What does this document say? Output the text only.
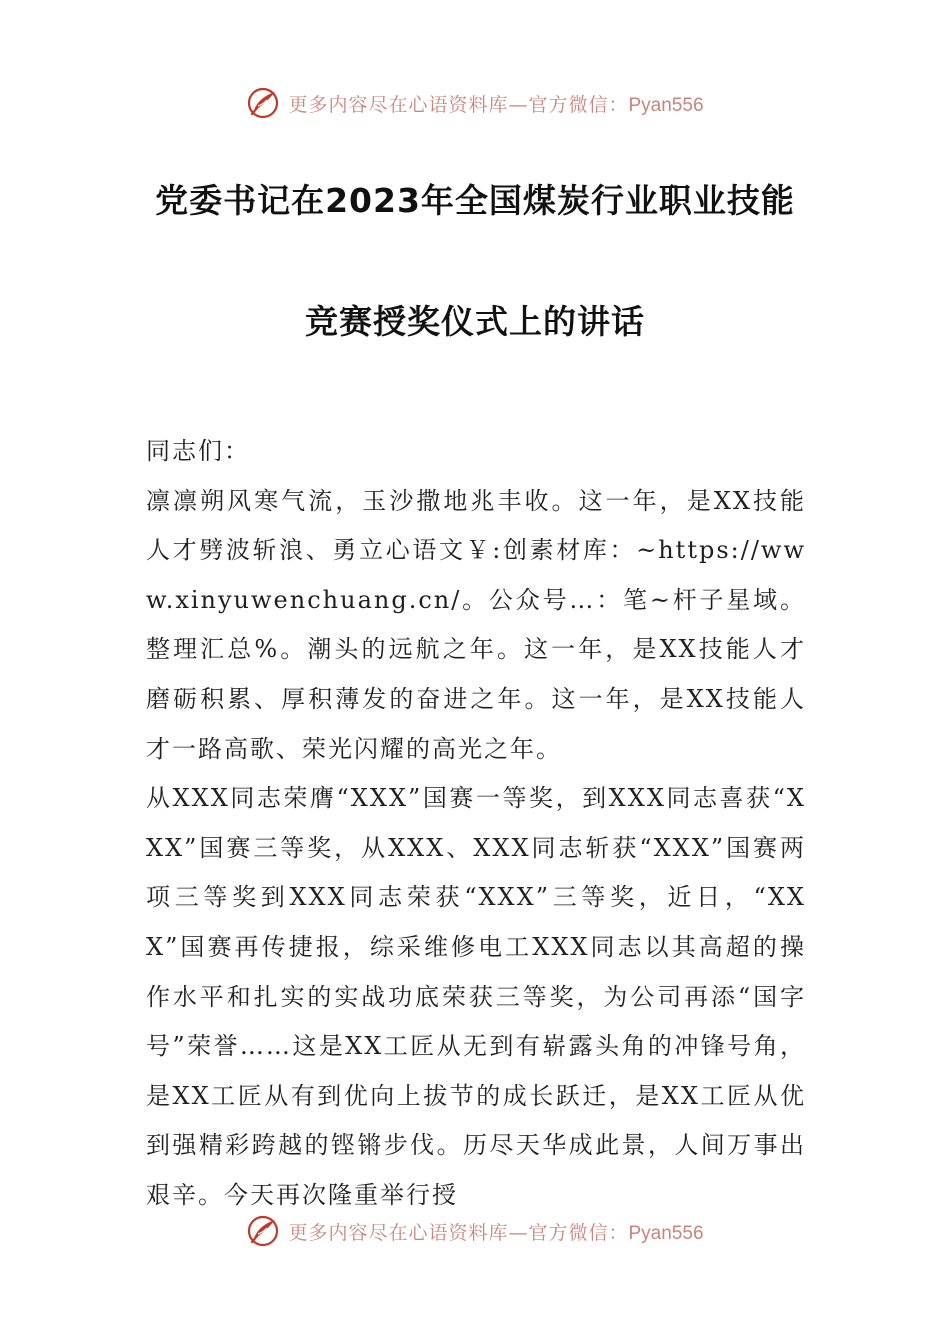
更多内容尽在心语资料库—官方微信：Pyan556
党委书记在2023年全国煤炭行业职业技能
竞赛授奖仪式上的讲话

同志们：

凛凛朔风寒气流，玉沙撒地兆丰收。这一年，是XX技能人才劈波斩浪、勇立心语文￥:创素材库：~https://www.xinyuwenchuang.cn/。公众号…：笔~杆子星域。整理汇总%。潮头的远航之年。这一年，是XX技能人才磨砺积累、厚积薄发的奋进之年。这一年，是XX技能人才一路高歌、荣光闪耀的高光之年。

从XXX同志荣膺“XXX”国赛一等奖，到XXX同志喜获“XXX”国赛三等奖，从XXX、XXX同志斩获“XXX”国赛两项三等奖到XXX同志荣获“XXX”三等奖，近日，“XXX”国赛再传捷报，综采维修电工XXX同志以其高超的操作水平和扎实的实战功底荣获三等奖，为公司再添“国字号”荣誉……这是XX工匠从无到有崭露头角的冲锋号角，是XX工匠从有到优向上拔节的成长跃迁，是XX工匠从优到强精彩跨越的铿锵步伐。历尽天华成此景，人间万事出艰辛。今天再次隆重举行授

更多内容尽在心语资料库—官方微信：Pyan556
